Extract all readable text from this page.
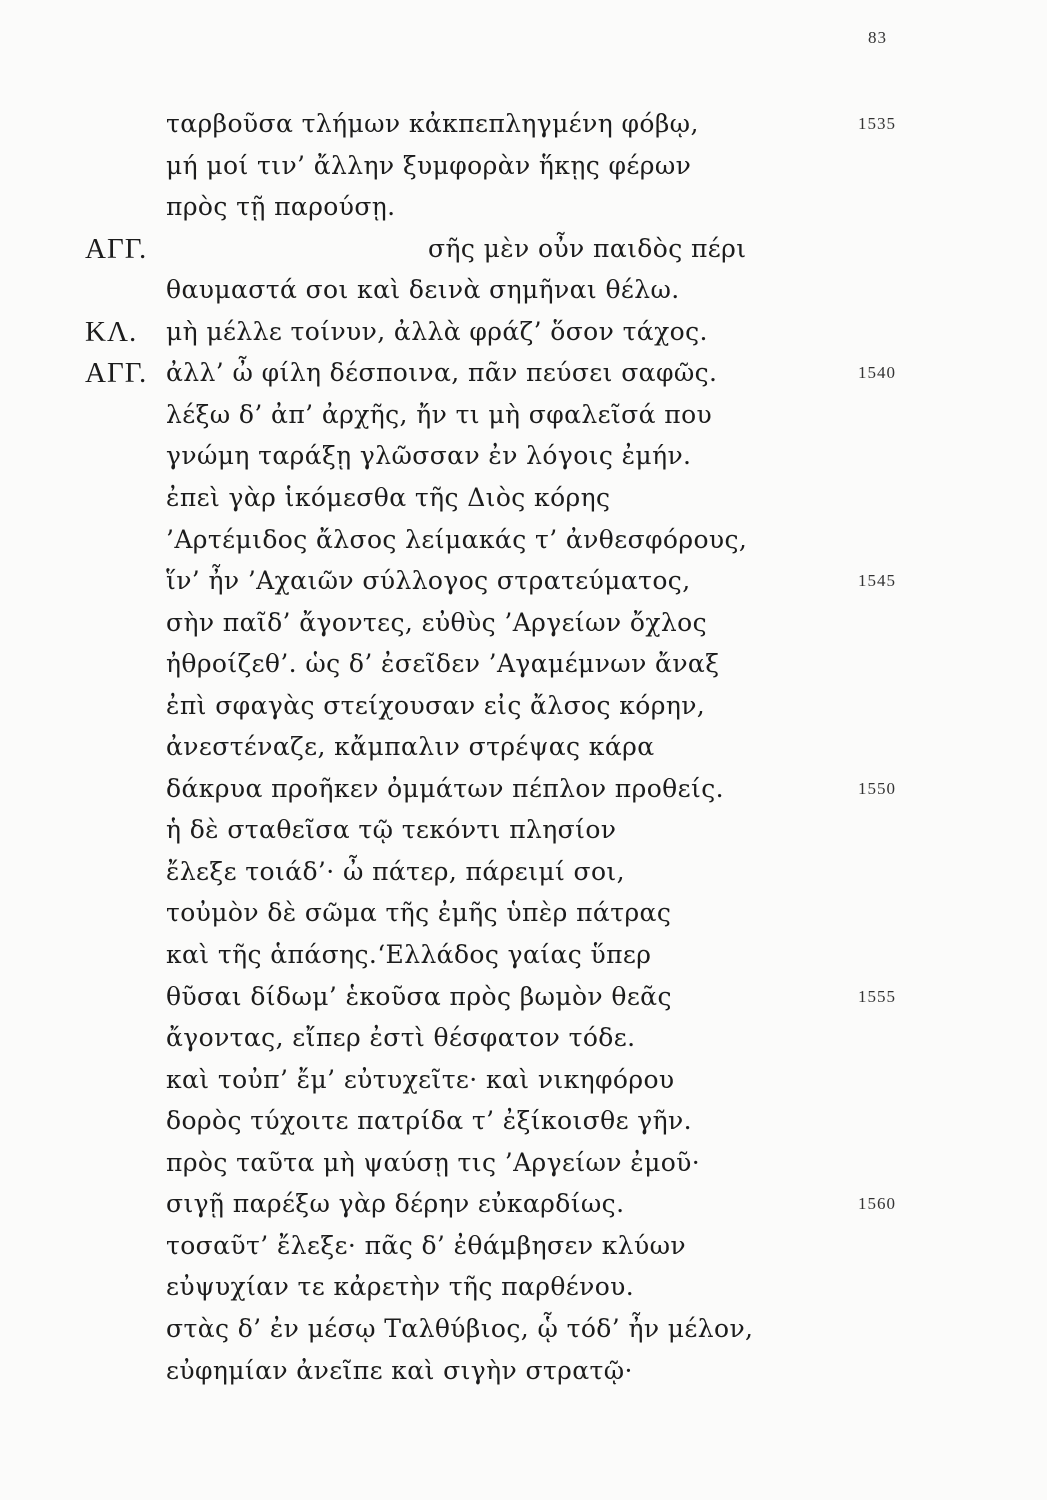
83
ταρβοῦσα τλήμων κἀκπεπληγμένη φόβῳ,	1535
μή μοί τιν’ ἄλλην ξυμφορὰν ἥκῃς φέρων
πρὸς τῇ παρούσῃ.
ΑΓΓ.	σῆς μὲν οὖν παιδὸς πέρι
θαυμαστά σοι καὶ δεινὰ σημῆναι θέλω.
ΚΛ. μὴ μέλλε τοίνυν, ἀλλὰ φράζ’ ὅσον τάχος.
ΑΓΓ. ἀλλ’ ὦ φίλη δέσποινα, πᾶν πεύσει σαφῶς.	1540
λέξω δ’ ἀπ’ ἀρχῆς, ἤν τι μὴ σφαλεῖσά που
γνώμη ταράξῃ γλῶσσαν ἐν λόγοις ἐμήν.
ἐπεὶ γὰρ ἱκόμεσθα τῆς Διὸς κόρης
’Αρτέμιδος ἄλσος λείμακάς τ’ ἀνθεσφόρους,
ἵν’ ἦν ’Αχαιῶν σύλλογος στρατεύματος,	1545
σὴν παῖδ’ ἄγοντες, εὐθὺς ’Αργείων ὄχλος
ἠθροίζεθ’. ὡς δ’ ἐσεῖδεν ’Αγαμέμνων ἄναξ
ἐπὶ σφαγὰς στείχουσαν εἰς ἄλσος κόρην,
ἀνεστέναζε, κἄμπαλιν στρέψας κάρα
δάκρυα προῆκεν ὀμμάτων πέπλον προθείς.	1550
ἡ δὲ σταθεῖσα τῷ τεκόντι πλησίον
ἔλεξε τοιάδ’· ὦ πάτερ, πάρειμί σοι,
τοὐμὸν δὲ σῶμα τῆς ἐμῆς ὑπὲρ πάτρας
καὶ τῆς ἁπάσης.‘Ελλάδος γαίας ὕπερ
θῦσαι δίδωμ’ ἑκοῦσα πρὸς βωμὸν θεᾶς	1555
ἄγοντας, εἴπερ ἐστὶ θέσφατον τόδε.
καὶ τοὐπ’ ἔμ’ εὐτυχεῖτε· καὶ νικηφόρου
δορὸς τύχοιτε πατρίδα τ’ ἐξίκοισθε γῆν.
πρὸς ταῦτα μὴ ψαύσῃ τις ’Αργείων ἐμοῦ·
σιγῇ παρέξω γὰρ δέρην εὐκαρδίως.	1560
τοσαῦτ’ ἔλεξε· πᾶς δ’ ἐθάμβησεν κλύων
εὐψυχίαν τε κἀρετὴν τῆς παρθένου.
στὰς δ’ ἐν μέσῳ Ταλθύβιος, ᾧ τόδ’ ἦν μέλον,
εὐφημίαν ἀνεῖπε καὶ σιγὴν στρατῷ·
